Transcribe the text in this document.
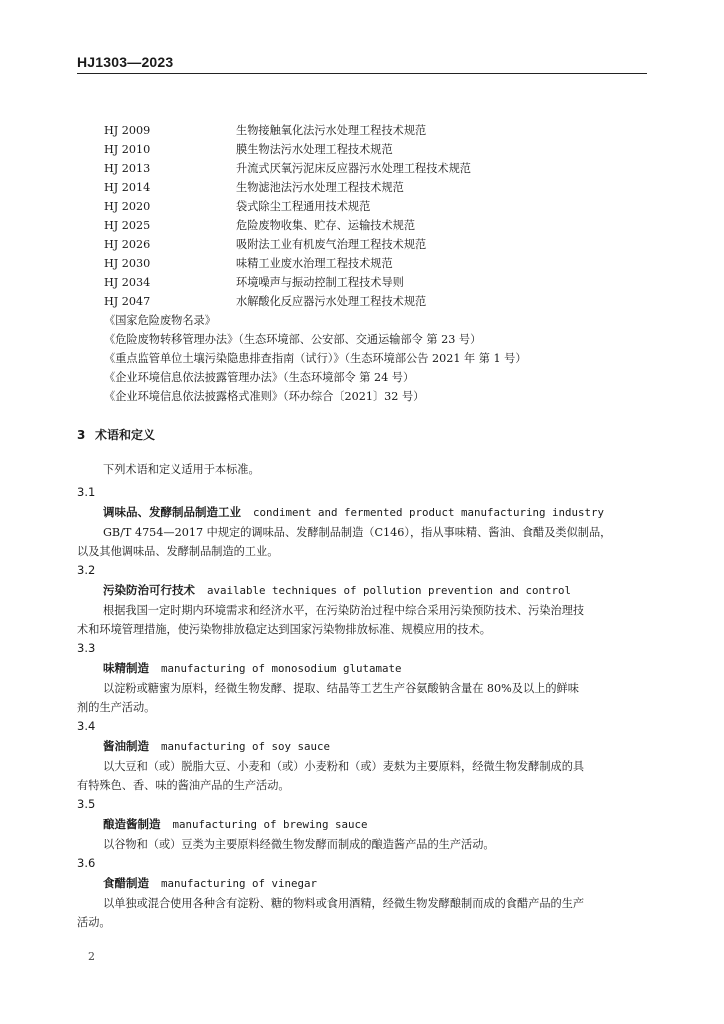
HJ1303—2023
HJ 2009	生物接触氧化法污水处理工程技术规范
HJ 2010	膜生物法污水处理工程技术规范
HJ 2013	升流式厌氧污泥床反应器污水处理工程技术规范
HJ 2014	生物滤池法污水处理工程技术规范
HJ 2020	袋式除尘工程通用技术规范
HJ 2025	危险废物收集、贮存、运输技术规范
HJ 2026	吸附法工业有机废气治理工程技术规范
HJ 2030	味精工业废水治理工程技术规范
HJ 2034	环境噪声与振动控制工程技术导则
HJ 2047	水解酸化反应器污水处理工程技术规范
《国家危险废物名录》
《危险废物转移管理办法》（生态环境部、公安部、交通运输部令 第 23 号）
《重点监管单位土壤污染隐患排查指南（试行）》（生态环境部公告 2021 年 第 1 号）
《企业环境信息依法披露管理办法》（生态环境部令 第 24 号）
《企业环境信息依法披露格式准则》（环办综合〔2021〕32 号）
3 术语和定义

下列术语和定义适用于本标准。

3.1
调味品、发酵制品制造工业 condiment and fermented product manufacturing industry
GB/T 4754—2017 中规定的调味品、发酵制品制造（C146），指从事味精、酱油、食醋及类似制品，
以及其他调味品、发酵制品制造的工业。
3.2
污染防治可行技术 available techniques of pollution prevention and control
根据我国一定时期内环境需求和经济水平，在污染防治过程中综合采用污染预防技术、污染治理技
术和环境管理措施，使污染物排放稳定达到国家污染物排放标准、规模应用的技术。
3.3
味精制造 manufacturing of monosodium glutamate
以淀粉或糖蜜为原料，经微生物发酵、提取、结晶等工艺生产谷氨酸钠含量在 80%及以上的鲜味
剂的生产活动。
3.4
酱油制造 manufacturing of soy sauce
以大豆和（或）脱脂大豆、小麦和（或）小麦粉和（或）麦麸为主要原料，经微生物发酵制成的具
有特殊色、香、味的酱油产品的生产活动。
3.5
酿造酱制造 manufacturing of brewing sauce
以谷物和（或）豆类为主要原料经微生物发酵而制成的酿造酱产品的生产活动。
3.6
食醋制造 manufacturing of vinegar
以单独或混合使用各种含有淀粉、糖的物料或食用酒精，经微生物发酵酿制而成的食醋产品的生产
活动。
2
